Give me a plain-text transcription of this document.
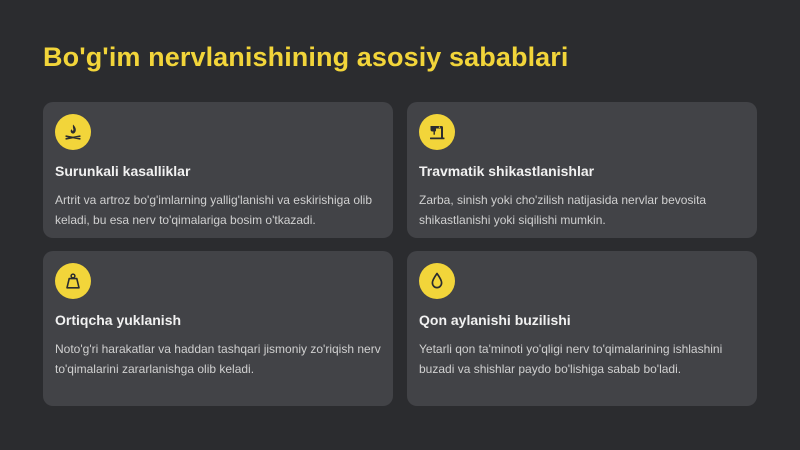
Bo'g'im nervlanishining asosiy sabablari
Surunkali kasalliklar
Artrit va artroz bo'g'imlarning yallig'lanishi va eskirishiga olib keladi, bu esa nerv to'qimalariga bosim o'tkazadi.
Travmatik shikastlanishlar
Zarba, sinish yoki cho'zilish natijasida nervlar bevosita shikastlanishi yoki siqilishi mumkin.
Ortiqcha yuklanish
Noto'g'ri harakatlar va haddan tashqari jismoniy zo'riqish nerv to'qimalarini zararlanishga olib keladi.
Qon aylanishi buzilishi
Yetarli qon ta'minoti yo'qligi nerv to'qimalarining ishlashini buzadi va shishlar paydo bo'lishiga sabab bo'ladi.
